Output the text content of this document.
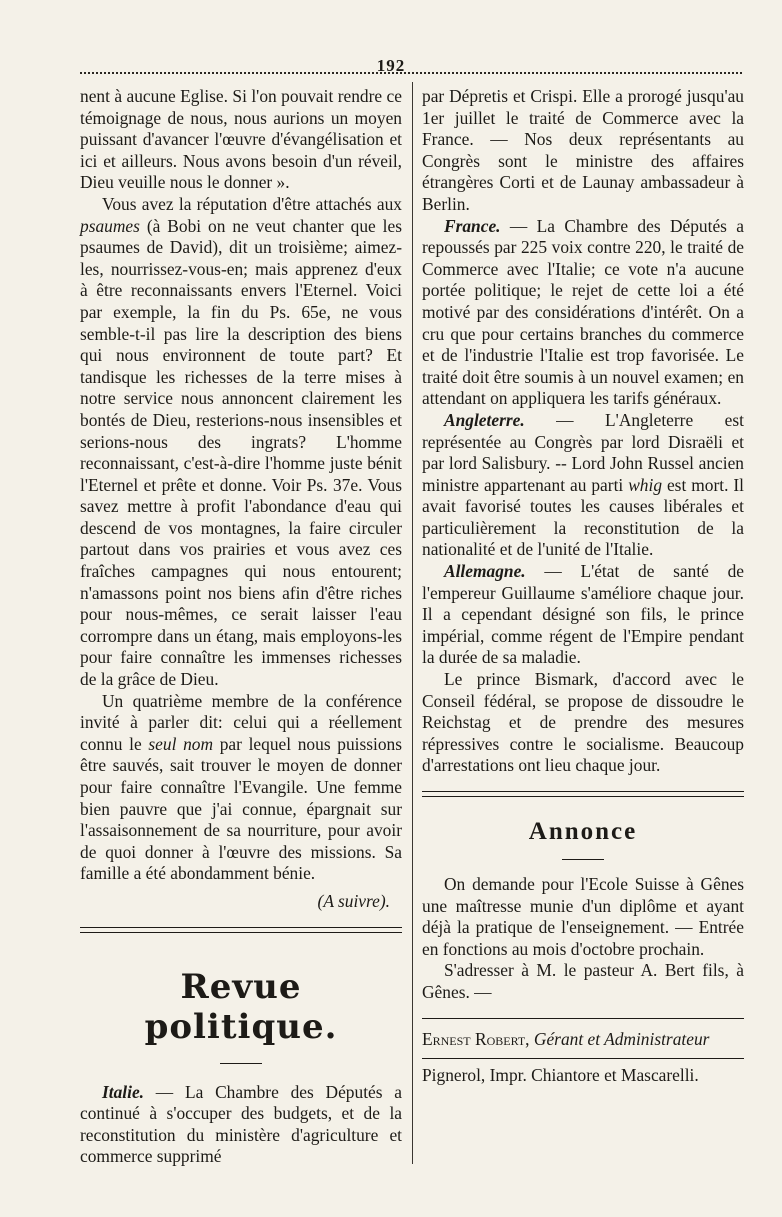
192

nent à aucune Eglise. Si l'on pouvait rendre ce témoignage de nous, nous aurions un moyen puissant d'avancer l'œuvre d'évangélisation et ici et ailleurs. Nous avons besoin d'un réveil, Dieu veuille nous le donner ».

Vous avez la réputation d'être attachés aux psaumes (à Bobi on ne veut chanter que les psaumes de David), dit un troisième; aimez-les, nourrissez-vous-en; mais apprenez d'eux à être reconnaissants envers l'Eternel. Voici par exemple, la fin du Ps. 65e, ne vous semble-t-il pas lire la description des biens qui nous environnent de toute part? Et tandisque les richesses de la terre mises à notre service nous annoncent clairement les bontés de Dieu, resterions-nous insensibles et serions-nous des ingrats? L'homme reconnaissant, c'est-à-dire l'homme juste bénit l'Eternel et prête et donne. Voir Ps. 37e. Vous savez mettre à profit l'abondance d'eau qui descend de vos montagnes, la faire circuler partout dans vos prairies et vous avez ces fraîches campagnes qui nous entourent; n'amassons point nos biens afin d'être riches pour nous-mêmes, ce serait laisser l'eau corrompre dans un étang, mais employons-les pour faire connaître les immenses richesses de la grâce de Dieu.

Un quatrième membre de la conférence invité à parler dit: celui qui a réellement connu le seul nom par lequel nous puissions être sauvés, sait trouver le moyen de donner pour faire connaître l'Evangile. Une femme bien pauvre que j'ai connue, épargnait sur l'assaisonnement de sa nourriture, pour avoir de quoi donner à l'œuvre des missions. Sa famille a été abondamment bénie.

(A suivre).

Revue politique.

Italie. — La Chambre des Députés a continué à s'occuper des budgets, et de la reconstitution du ministère d'agriculture et commerce supprimé

par Dépretis et Crispi. Elle a prorogé jusqu'au 1er juillet le traité de Commerce avec la France. — Nos deux représentants au Congrès sont le ministre des affaires étrangères Corti et de Launay ambassadeur à Berlin.

France. — La Chambre des Députés a repoussés par 225 voix contre 220, le traité de Commerce avec l'Italie; ce vote n'a aucune portée politique; le rejet de cette loi a été motivé par des considérations d'intérêt. On a cru que pour certains branches du commerce et de l'industrie l'Italie est trop favorisée. Le traité doit être soumis à un nouvel examen; en attendant on appliquera les tarifs généraux.

Angleterre. — L'Angleterre est représentée au Congrès par lord Disraëli et par lord Salisbury. -- Lord John Russel ancien ministre appartenant au parti whig est mort. Il avait favorisé toutes les causes libérales et particulièrement la reconstitution de la nationalité et de l'unité de l'Italie.

Allemagne. — L'état de santé de l'empereur Guillaume s'améliore chaque jour. Il a cependant désigné son fils, le prince impérial, comme régent de l'Empire pendant la durée de sa maladie.

Le prince Bismark, d'accord avec le Conseil fédéral, se propose de dissoudre le Reichstag et de prendre des mesures répressives contre le socialisme. Beaucoup d'arrestations ont lieu chaque jour.

Annonce

On demande pour l'Ecole Suisse à Gênes une maîtresse munie d'un diplôme et ayant déjà la pratique de l'enseignement. — Entrée en fonctions au mois d'octobre prochain.

S'adresser à M. le pasteur A. Bert fils, à Gênes. —

Ernest Robert, Gérant et Administrateur

Pignerol, Impr. Chiantore et Mascarelli.
